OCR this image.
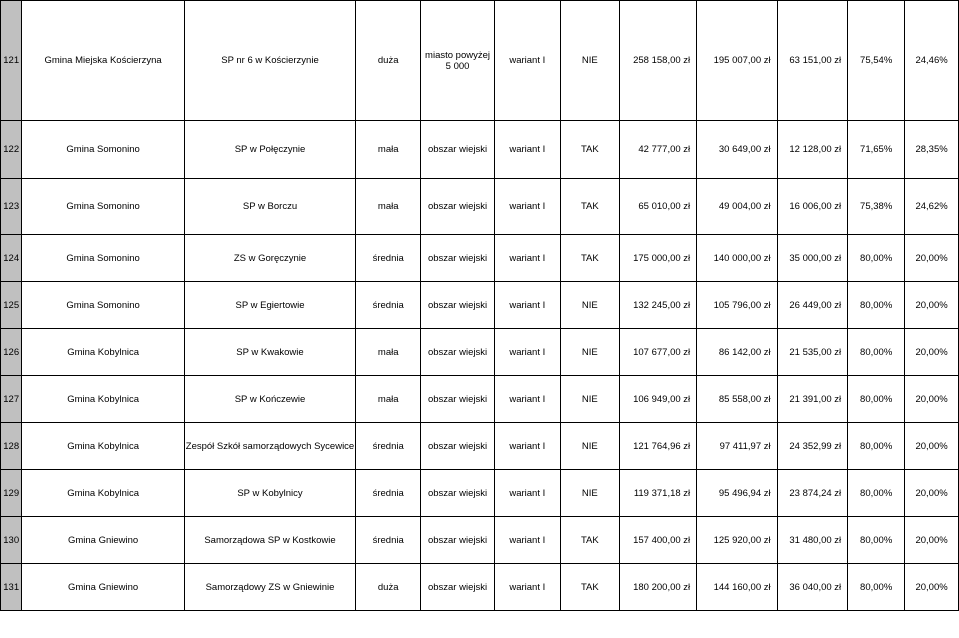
121	Gmina Miejska Kościerzyna	SP nr 6 w Kościerzynie	duża	miasto powyżej 5 000	wariant I	NIE	258 158,00 zł	195 007,00 zł	63 151,00 zł	75,54%	24,46%
122	Gmina Somonino	SP w Połęczynie	mała	obszar wiejski	wariant I	TAK	42 777,00 zł	30 649,00 zł	12 128,00 zł	71,65%	28,35%
123	Gmina Somonino	SP w Borczu	mała	obszar wiejski	wariant I	TAK	65 010,00 zł	49 004,00 zł	16 006,00 zł	75,38%	24,62%
124	Gmina Somonino	ZS w Goręczynie	średnia	obszar wiejski	wariant I	TAK	175 000,00 zł	140 000,00 zł	35 000,00 zł	80,00%	20,00%
125	Gmina Somonino	SP w Egiertowie	średnia	obszar wiejski	wariant I	NIE	132 245,00 zł	105 796,00 zł	26 449,00 zł	80,00%	20,00%
126	Gmina Kobylnica	SP w Kwakowie	mała	obszar wiejski	wariant I	NIE	107 677,00 zł	86 142,00 zł	21 535,00 zł	80,00%	20,00%
127	Gmina Kobylnica	SP w Kończewie	mała	obszar wiejski	wariant I	NIE	106 949,00 zł	85 558,00 zł	21 391,00 zł	80,00%	20,00%
128	Gmina Kobylnica	Zespół Szkół samorządowych Sycewice	średnia	obszar wiejski	wariant I	NIE	121 764,96 zł	97 411,97 zł	24 352,99 zł	80,00%	20,00%
129	Gmina Kobylnica	SP w Kobylnicy	średnia	obszar wiejski	wariant I	NIE	119 371,18 zł	95 496,94 zł	23 874,24 zł	80,00%	20,00%
130	Gmina Gniewino	Samorządowa SP w Kostkowie	średnia	obszar wiejski	wariant I	TAK	157 400,00 zł	125 920,00 zł	31 480,00 zł	80,00%	20,00%
131	Gmina Gniewino	Samorządowy ZS w Gniewinie	duża	obszar wiejski	wariant I	TAK	180 200,00 zł	144 160,00 zł	36 040,00 zł	80,00%	20,00%
